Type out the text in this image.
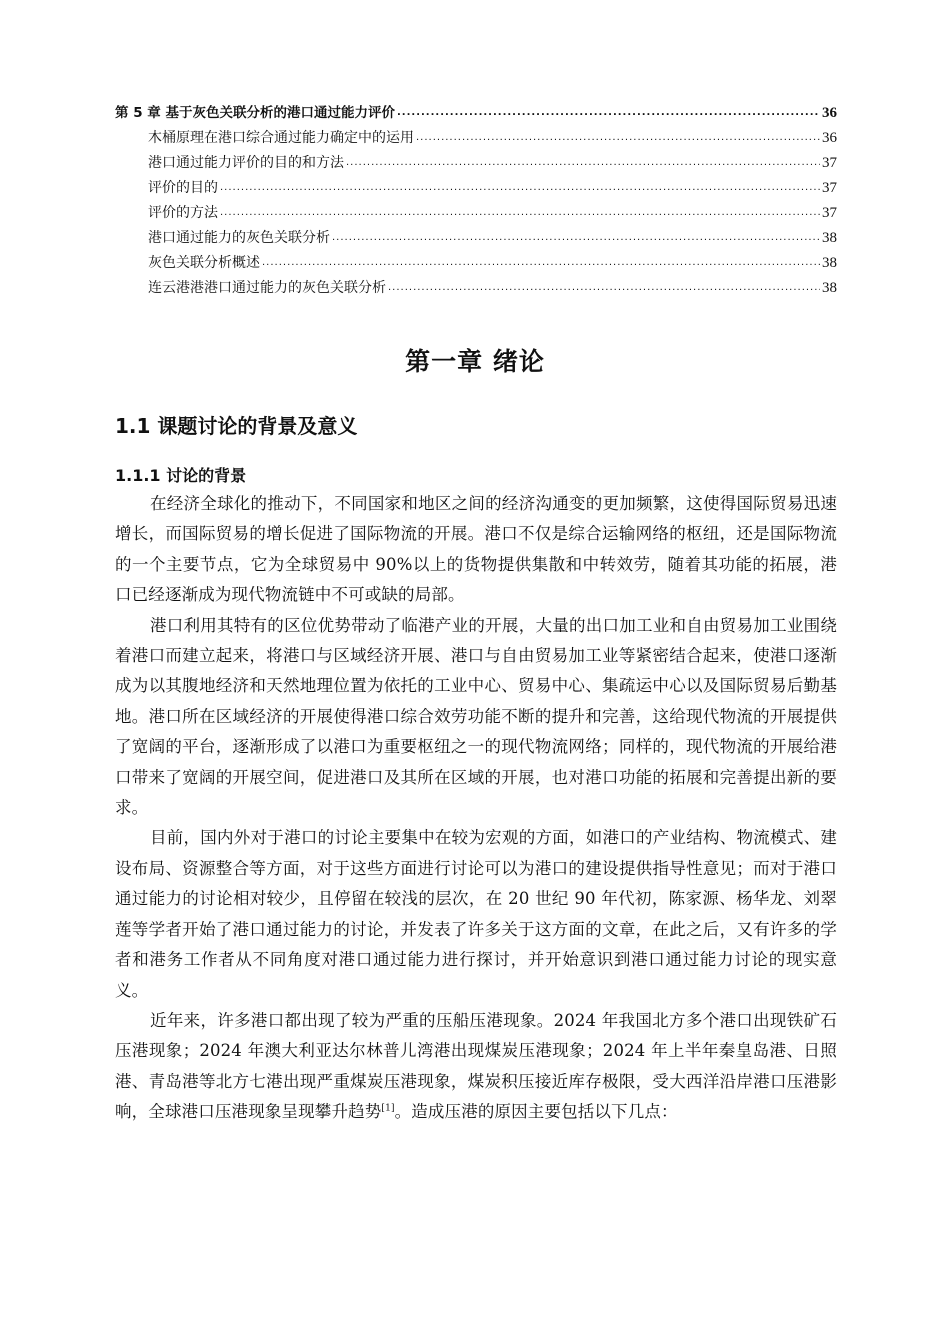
第 5 章 基于灰色关联分析的港口通过能力评价 .....	36
木桶原理在港口综合通过能力确定中的运用 .....	36
港口通过能力评价的目的和方法 .....	37
评价的目的 .....	37
评价的方法 .....	37
港口通过能力的灰色关联分析 .....	38
灰色关联分析概述 .....	38
连云港港港口通过能力的灰色关联分析 .....	38
第一章 绪论
1.1 课题讨论的背景及意义
1.1.1 讨论的背景

在经济全球化的推动下，不同国家和地区之间的经济沟通变的更加频繁，这使得国际贸易迅速增长，而国际贸易的增长促进了国际物流的开展。港口不仅是综合运输网络的枢纽，还是国际物流的一个主要节点，它为全球贸易中 90%以上的货物提供集散和中转效劳，随着其功能的拓展，港口已经逐渐成为现代物流链中不可或缺的局部。

港口利用其特有的区位优势带动了临港产业的开展，大量的出口加工业和自由贸易加工业围绕着港口而建立起来，将港口与区域经济开展、港口与自由贸易加工业等紧密结合起来，使港口逐渐成为以其腹地经济和天然地理位置为依托的工业中心、贸易中心、集疏运中心以及国际贸易后勤基地。港口所在区域经济的开展使得港口综合效劳功能不断的提升和完善，这给现代物流的开展提供了宽阔的平台，逐渐形成了以港口为重要枢纽之一的现代物流网络；同样的，现代物流的开展给港口带来了宽阔的开展空间，促进港口及其所在区域的开展，也对港口功能的拓展和完善提出新的要求。

目前，国内外对于港口的讨论主要集中在较为宏观的方面，如港口的产业结构、物流模式、建设布局、资源整合等方面，对于这些方面进行讨论可以为港口的建设提供指导性意见；而对于港口通过能力的讨论相对较少，且停留在较浅的层次，在 20 世纪 90 年代初，陈家源、杨华龙、刘翠莲等学者开始了港口通过能力的讨论，并发表了许多关于这方面的文章，在此之后，又有许多的学者和港务工作者从不同角度对港口通过能力进行探讨，并开始意识到港口通过能力讨论的现实意义。

近年来，许多港口都出现了较为严重的压船压港现象。2024 年我国北方多个港口出现铁矿石压港现象；2024 年澳大利亚达尔林普儿湾港出现煤炭压港现象；2024 年上半年秦皇岛港、日照港、青岛港等北方七港出现严重煤炭压港现象，煤炭积压接近库存极限，受大西洋沿岸港口压港影响，全球港口压港现象呈现攀升趋势[1]。造成压港的原因主要包括以下几点：
